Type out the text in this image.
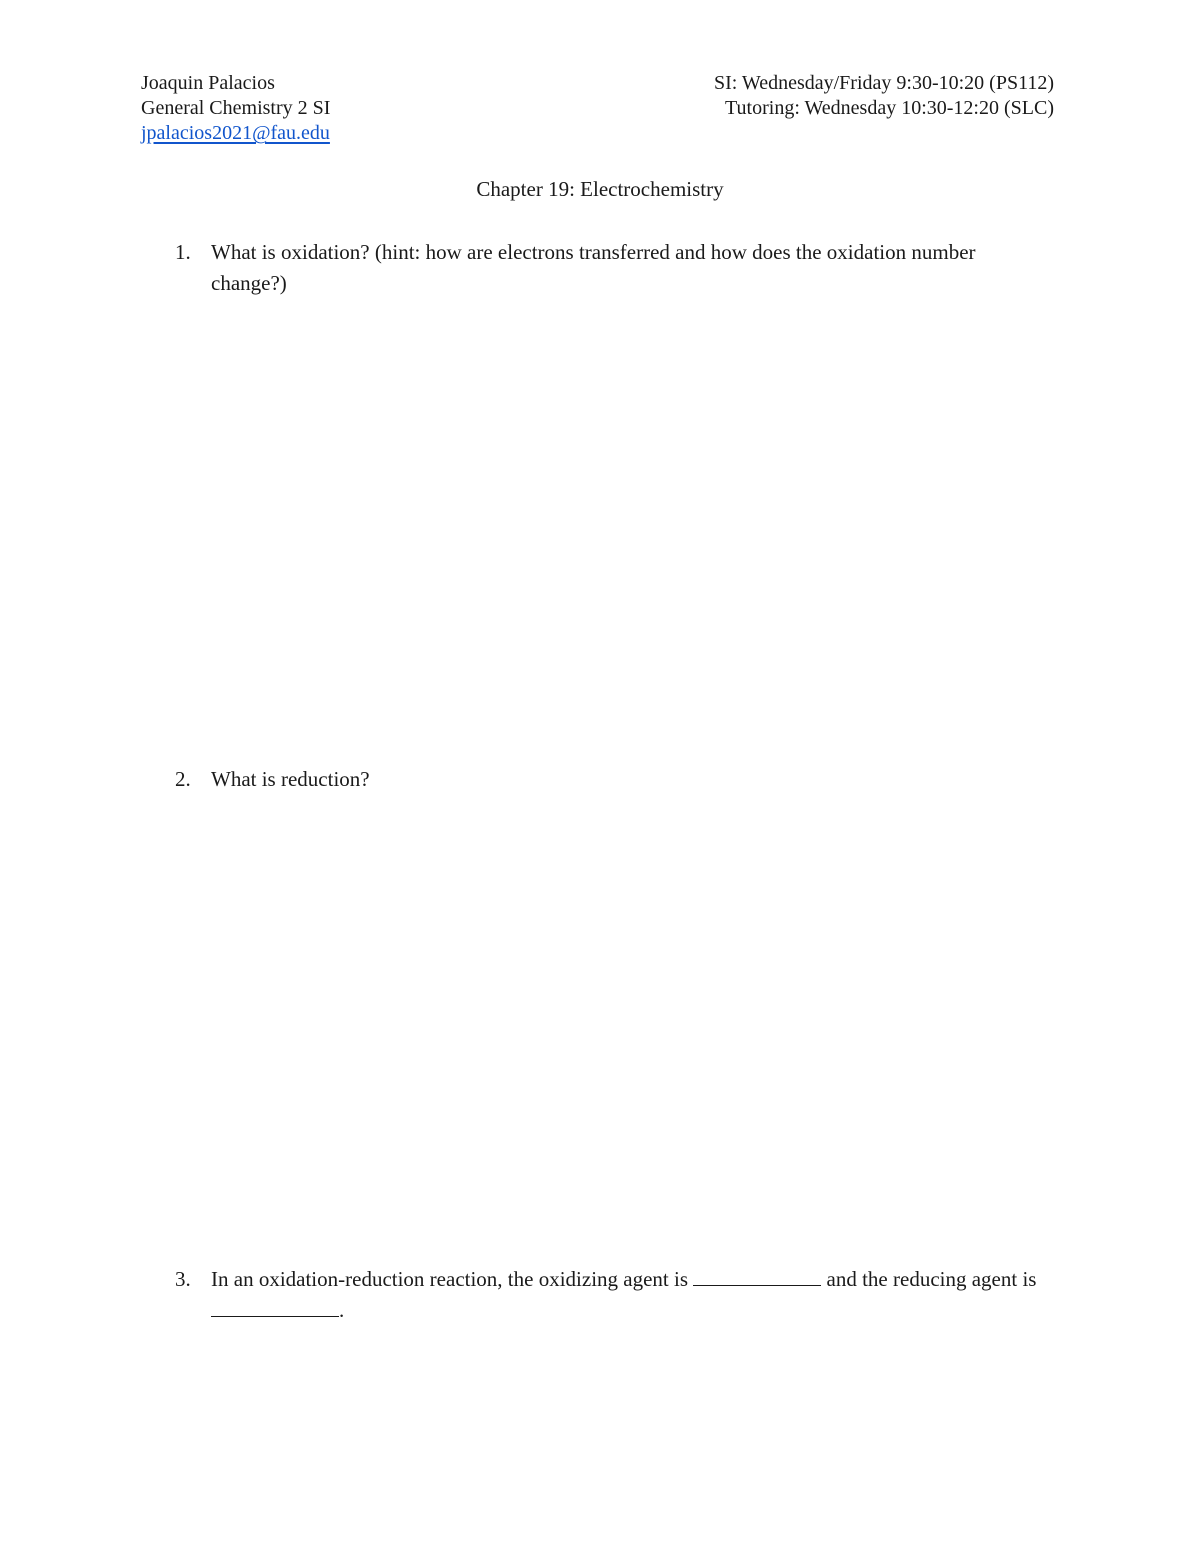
Joaquin Palacios
General Chemistry 2 SI
jpalacios2021@fau.edu
SI: Wednesday/Friday 9:30-10:20 (PS112)
Tutoring: Wednesday 10:30-12:20 (SLC)
Chapter 19: Electrochemistry
1. What is oxidation? (hint: how are electrons transferred and how does the oxidation number change?)
2. What is reduction?
3. In an oxidation-reduction reaction, the oxidizing agent is	and the reducing agent is .
